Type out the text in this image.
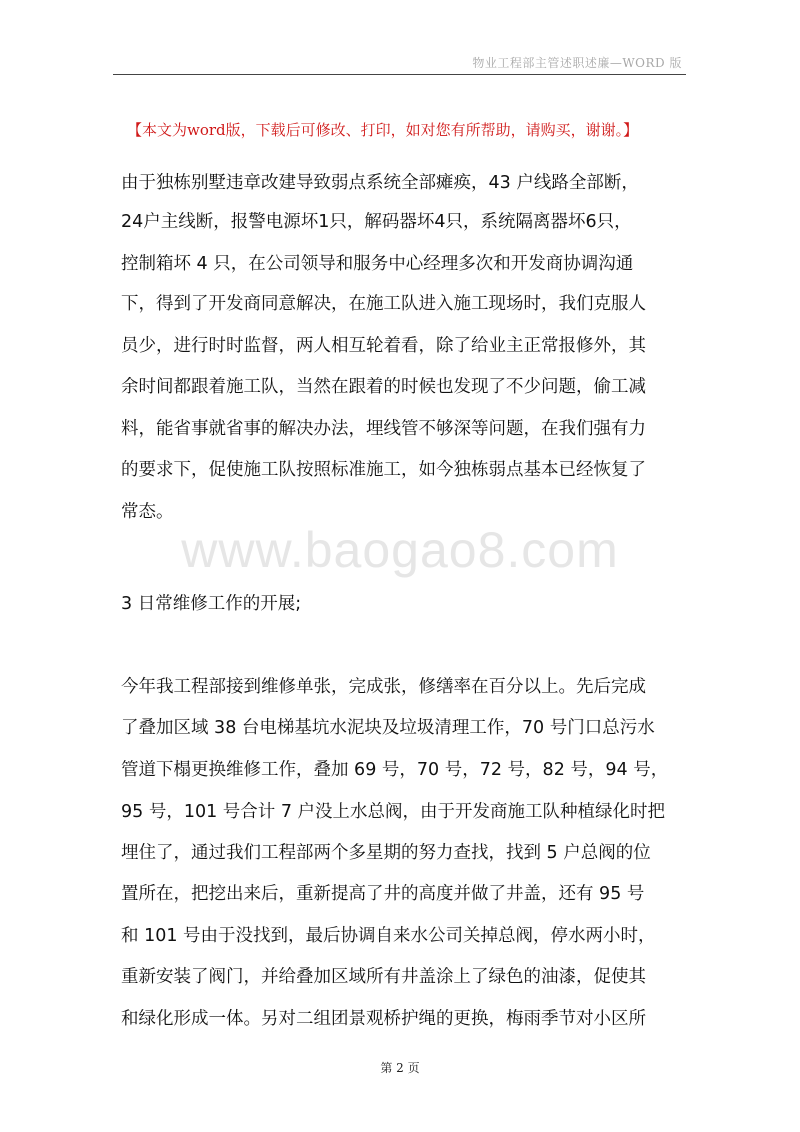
物业工程部主管述职述廉—WORD 版
【本文为word版，下载后可修改、打印，如对您有所帮助，请购买，谢谢。】
www.baogao8.com
由于独栋别墅违章改建导致弱点系统全部瘫痪，43 户线路全部断，
24户主线断，报警电源坏1只，解码器坏4只，系统隔离器坏6只，
控制箱坏 4 只，在公司领导和服务中心经理多次和开发商协调沟通
下，得到了开发商同意解决，在施工队进入施工现场时，我们克服人
员少，进行时时监督，两人相互轮着看，除了给业主正常报修外，其
余时间都跟着施工队，当然在跟着的时候也发现了不少问题，偷工减
料，能省事就省事的解决办法，埋线管不够深等问题，在我们强有力
的要求下，促使施工队按照标准施工，如今独栋弱点基本已经恢复了
常态。
3 日常维修工作的开展;
今年我工程部接到维修单张，完成张，修缮率在百分以上。先后完成
了叠加区域 38 台电梯基坑水泥块及垃圾清理工作，70 号门口总污水
管道下榻更换维修工作，叠加 69 号，70 号，72 号，82 号，94 号，
95 号，101 号合计 7 户没上水总阀，由于开发商施工队种植绿化时把
埋住了，通过我们工程部两个多星期的努力查找，找到 5 户总阀的位
置所在，把挖出来后，重新提高了井的高度并做了井盖，还有 95 号
和 101 号由于没找到，最后协调自来水公司关掉总阀，停水两小时，
重新安装了阀门，并给叠加区域所有井盖涂上了绿色的油漆，促使其
和绿化形成一体。另对二组团景观桥护绳的更换，梅雨季节对小区所
第 2 页
